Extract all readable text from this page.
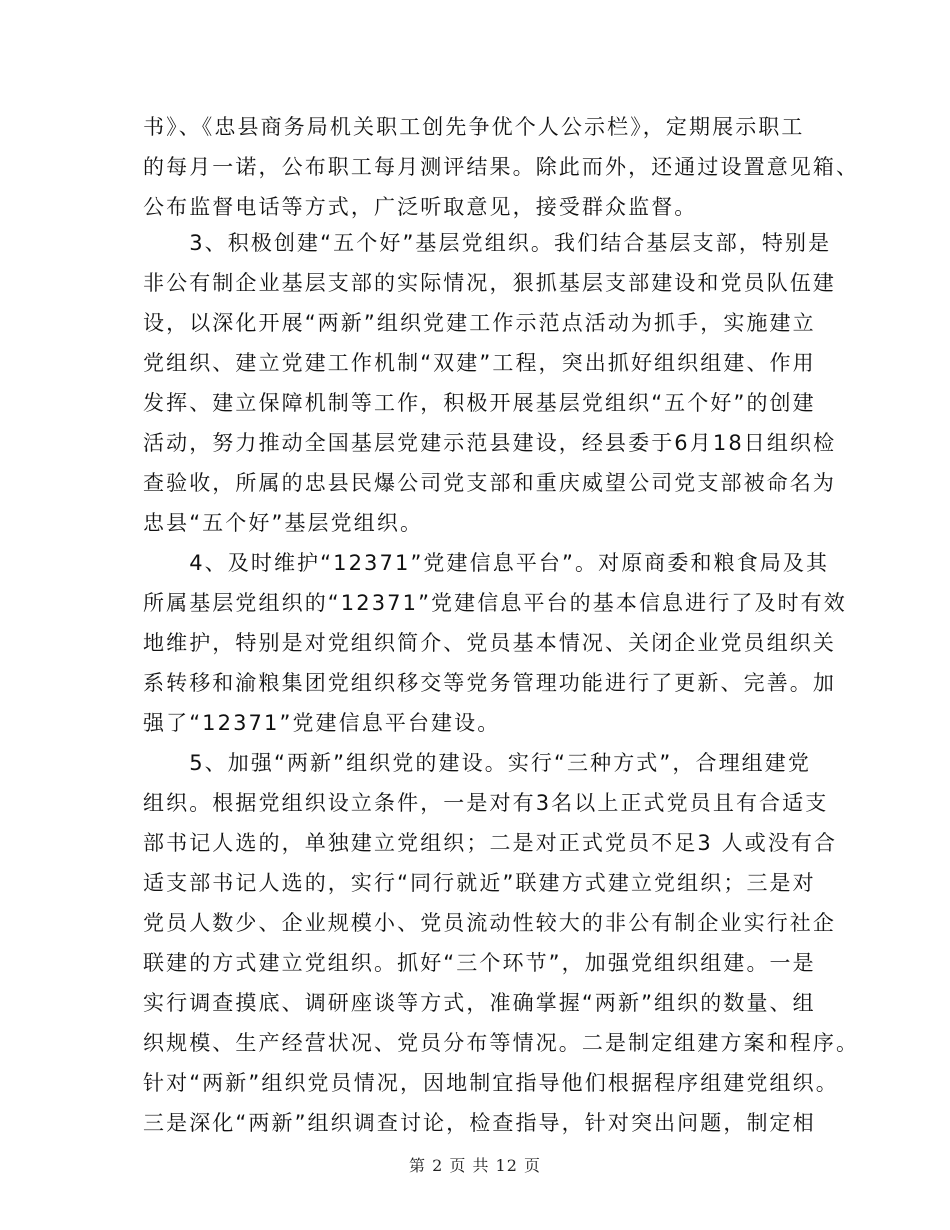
书》、《忠县商务局机关职工创先争优个人公示栏》，定期展示职工
的每月一诺，公布职工每月测评结果。除此而外，还通过设置意见箱、
公布监督电话等方式，广泛听取意见，接受群众监督。
　　3、积极创建“五个好”基层党组织。我们结合基层支部，特别是
非公有制企业基层支部的实际情况，狠抓基层支部建设和党员队伍建
设，以深化开展“两新”组织党建工作示范点活动为抓手，实施建立
党组织、建立党建工作机制“双建”工程，突出抓好组织组建、作用
发挥、建立保障机制等工作，积极开展基层党组织“五个好”的创建
活动，努力推动全国基层党建示范县建设，经县委于6月18日组织检
查验收，所属的忠县民爆公司党支部和重庆威望公司党支部被命名为
忠县“五个好”基层党组织。
　　4、及时维护“12371”党建信息平台”。对原商委和粮食局及其
所属基层党组织的“12371”党建信息平台的基本信息进行了及时有效
地维护，特别是对党组织简介、党员基本情况、关闭企业党员组织关
系转移和渝粮集团党组织移交等党务管理功能进行了更新、完善。加
强了“12371”党建信息平台建设。
　　5、加强“两新”组织党的建设。实行“三种方式”，合理组建党
组织。根据党组织设立条件，一是对有3名以上正式党员且有合适支
部书记人选的，单独建立党组织；二是对正式党员不足3 人或没有合
适支部书记人选的，实行“同行就近”联建方式建立党组织；三是对
党员人数少、企业规模小、党员流动性较大的非公有制企业实行社企
联建的方式建立党组织。抓好“三个环节”，加强党组织组建。一是
实行调查摸底、调研座谈等方式，准确掌握“两新”组织的数量、组
织规模、生产经营状况、党员分布等情况。二是制定组建方案和程序。
针对“两新”组织党员情况，因地制宜指导他们根据程序组建党组织。
三是深化“两新”组织调查讨论，检查指导，针对突出问题，制定相
第 2 页 共 12 页
